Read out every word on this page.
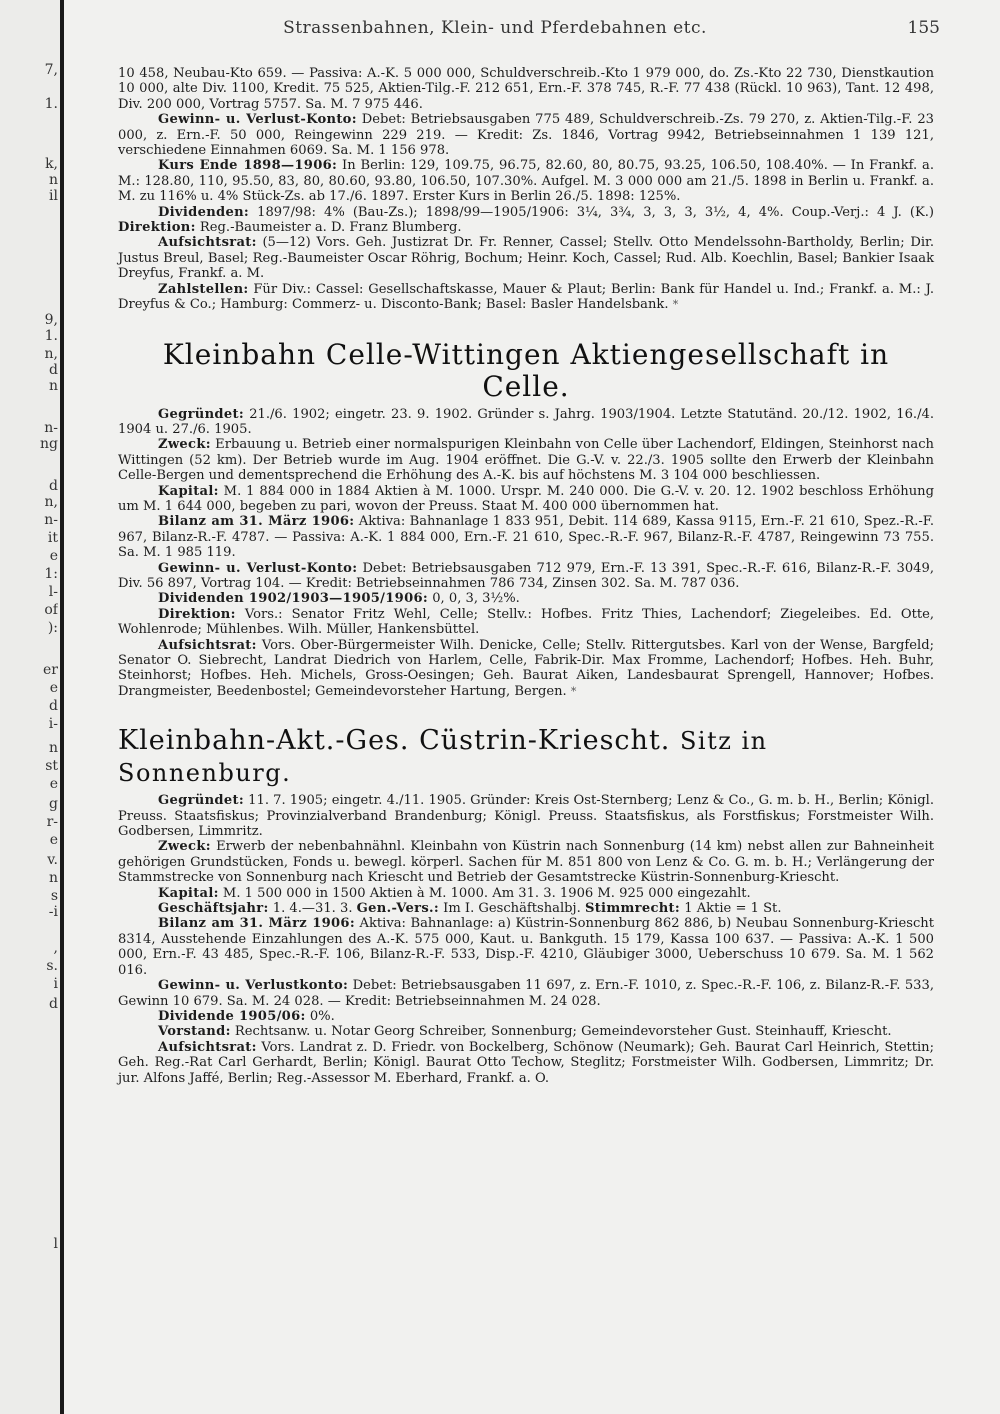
7,
1.
k,
n
il
9,
1.
n,
d
n
n-
ng
d
n,
n-
it
e
1:
l-
of
):
er
e
d
i-
n
st
e
g
r-
e
v.
n
s
-i
,
s.
i
d
l
Strassenbahnen, Klein- und Pferdebahnen etc.	155

10 458, Neubau-Kto 659. — Passiva: A.-K. 5 000 000, Schuldverschreib.-Kto 1 979 000, do. Zs.-Kto 22 730, Dienstkaution 10 000, alte Div. 1100, Kredit. 75 525, Aktien-Tilg.-F. 212 651, Ern.-F. 378 745, R.-F. 77 438 (Rückl. 10 963), Tant. 12 498, Div. 200 000, Vortrag 5757. Sa. M. 7 975 446.

Gewinn- u. Verlust-Konto: Debet: Betriebsausgaben 775 489, Schuldverschreib.-Zs. 79 270, z. Aktien-Tilg.-F. 23 000, z. Ern.-F. 50 000, Reingewinn 229 219. — Kredit: Zs. 1846, Vortrag 9942, Betriebseinnahmen 1 139 121, verschiedene Einnahmen 6069. Sa. M. 1 156 978.

Kurs Ende 1898—1906: In Berlin: 129, 109.75, 96.75, 82.60, 80, 80.75, 93.25, 106.50, 108.40%. — In Frankf. a. M.: 128.80, 110, 95.50, 83, 80, 80.60, 93.80, 106.50, 107.30%. Aufgel. M. 3 000 000 am 21./5. 1898 in Berlin u. Frankf. a. M. zu 116% u. 4% Stück-Zs. ab 17./6. 1897. Erster Kurs in Berlin 26./5. 1898: 125%.

Dividenden: 1897/98: 4% (Bau-Zs.); 1898/99—1905/1906: 3¼, 3¾, 3, 3, 3, 3½, 4, 4%. Coup.-Verj.: 4 J. (K.) Direktion: Reg.-Baumeister a. D. Franz Blumberg.

Aufsichtsrat: (5—12) Vors. Geh. Justizrat Dr. Fr. Renner, Cassel; Stellv. Otto Mendelssohn-Bartholdy, Berlin; Dir. Justus Breul, Basel; Reg.-Baumeister Oscar Röhrig, Bochum; Heinr. Koch, Cassel; Rud. Alb. Koechlin, Basel; Bankier Isaak Dreyfus, Frankf. a. M.

Zahlstellen: Für Div.: Cassel: Gesellschaftskasse, Mauer & Plaut; Berlin: Bank für Handel u. Ind.; Frankf. a. M.: J. Dreyfus & Co.; Hamburg: Commerz- u. Disconto-Bank; Basel: Basler Handelsbank. *

Kleinbahn Celle-Wittingen Aktiengesellschaft in Celle.

Gegründet: 21./6. 1902; eingetr. 23. 9. 1902. Gründer s. Jahrg. 1903/1904. Letzte Statutänd. 20./12. 1902, 16./4. 1904 u. 27./6. 1905.

Zweck: Erbauung u. Betrieb einer normalspurigen Kleinbahn von Celle über Lachendorf, Eldingen, Steinhorst nach Wittingen (52 km). Der Betrieb wurde im Aug. 1904 eröffnet. Die G.-V. v. 22./3. 1905 sollte den Erwerb der Kleinbahn Celle-Bergen und dementsprechend die Erhöhung des A.-K. bis auf höchstens M. 3 104 000 beschliessen.

Kapital: M. 1 884 000 in 1884 Aktien à M. 1000. Urspr. M. 240 000. Die G.-V. v. 20. 12. 1902 beschloss Erhöhung um M. 1 644 000, begeben zu pari, wovon der Preuss. Staat M. 400 000 übernommen hat.

Bilanz am 31. März 1906: Aktiva: Bahnanlage 1 833 951, Debit. 114 689, Kassa 9115, Ern.-F. 21 610, Spez.-R.-F. 967, Bilanz-R.-F. 4787. — Passiva: A.-K. 1 884 000, Ern.-F. 21 610, Spec.-R.-F. 967, Bilanz-R.-F. 4787, Reingewinn 73 755. Sa. M. 1 985 119.

Gewinn- u. Verlust-Konto: Debet: Betriebsausgaben 712 979, Ern.-F. 13 391, Spec.-R.-F. 616, Bilanz-R.-F. 3049, Div. 56 897, Vortrag 104. — Kredit: Betriebseinnahmen 786 734, Zinsen 302. Sa. M. 787 036.

Dividenden 1902/1903—1905/1906: 0, 0, 3, 3½%.

Direktion: Vors.: Senator Fritz Wehl, Celle; Stellv.: Hofbes. Fritz Thies, Lachendorf; Ziegeleibes. Ed. Otte, Wohlenrode; Mühlenbes. Wilh. Müller, Hankensbüttel.

Aufsichtsrat: Vors. Ober-Bürgermeister Wilh. Denicke, Celle; Stellv. Rittergutsbes. Karl von der Wense, Bargfeld; Senator O. Siebrecht, Landrat Diedrich von Harlem, Celle, Fabrik-Dir. Max Fromme, Lachendorf; Hofbes. Heh. Buhr, Steinhorst; Hofbes. Heh. Michels, Gross-Oesingen; Geh. Baurat Aiken, Landesbaurat Sprengell, Hannover; Hofbes. Drangmeister, Beedenbostel; Gemeindevorsteher Hartung, Bergen. *

Kleinbahn-Akt.-Ges. Cüstrin-Kriescht. Sitz in Sonnenburg.

Gegründet: 11. 7. 1905; eingetr. 4./11. 1905. Gründer: Kreis Ost-Sternberg; Lenz & Co., G. m. b. H., Berlin; Königl. Preuss. Staatsfiskus; Provinzialverband Brandenburg; Königl. Preuss. Staatsfiskus, als Forstfiskus; Forstmeister Wilh. Godbersen, Limmritz.

Zweck: Erwerb der nebenbahnähnl. Kleinbahn von Küstrin nach Sonnenburg (14 km) nebst allen zur Bahneinheit gehörigen Grundstücken, Fonds u. bewegl. körperl. Sachen für M. 851 800 von Lenz & Co. G. m. b. H.; Verlängerung der Stammstrecke von Sonnenburg nach Kriescht und Betrieb der Gesamtstrecke Küstrin-Sonnenburg-Kriescht.

Kapital: M. 1 500 000 in 1500 Aktien à M. 1000. Am 31. 3. 1906 M. 925 000 eingezahlt.

Geschäftsjahr: 1. 4.—31. 3. Gen.-Vers.: Im I. Geschäftshalbj. Stimmrecht: 1 Aktie = 1 St.

Bilanz am 31. März 1906: Aktiva: Bahnanlage: a) Küstrin-Sonnenburg 862 886, b) Neubau Sonnenburg-Kriescht 8314, Ausstehende Einzahlungen des A.-K. 575 000, Kaut. u. Bankguth. 15 179, Kassa 100 637. — Passiva: A.-K. 1 500 000, Ern.-F. 43 485, Spec.-R.-F. 106, Bilanz-R.-F. 533, Disp.-F. 4210, Gläubiger 3000, Ueberschuss 10 679. Sa. M. 1 562 016.

Gewinn- u. Verlustkonto: Debet: Betriebsausgaben 11 697, z. Ern.-F. 1010, z. Spec.-R.-F. 106, z. Bilanz-R.-F. 533, Gewinn 10 679. Sa. M. 24 028. — Kredit: Betriebseinnahmen M. 24 028.

Dividende 1905/06: 0%.

Vorstand: Rechtsanw. u. Notar Georg Schreiber, Sonnenburg; Gemeindevorsteher Gust. Steinhauff, Kriescht.

Aufsichtsrat: Vors. Landrat z. D. Friedr. von Bockelberg, Schönow (Neumark); Geh. Baurat Carl Heinrich, Stettin; Geh. Reg.-Rat Carl Gerhardt, Berlin; Königl. Baurat Otto Techow, Steglitz; Forstmeister Wilh. Godbersen, Limmritz; Dr. jur. Alfons Jaffé, Berlin; Reg.-Assessor M. Eberhard, Frankf. a. O.
